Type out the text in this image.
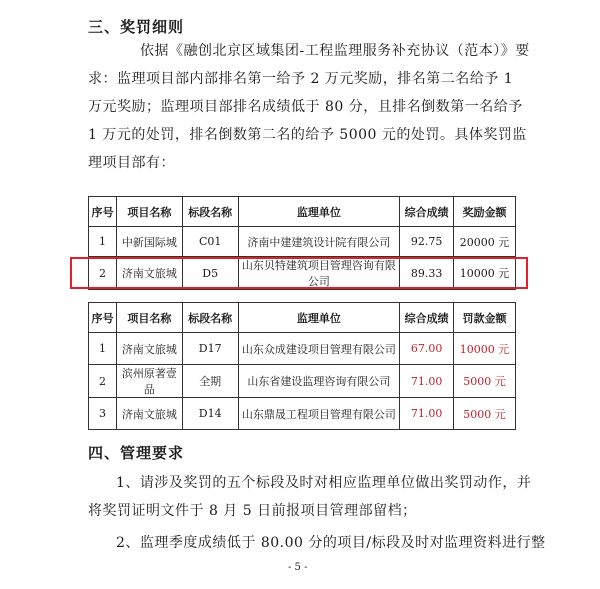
三、奖罚细则
依据《融创北京区域集团-工程监理服务补充协议（范本）》要
求：监理项目部内部排名第一给予 2 万元奖励，排名第二名给予 1
万元奖励；监理项目部排名成绩低于 80 分，且排名倒数第一名给予
1 万元的处罚，排名倒数第二名的给予 5000 元的处罚。具体奖罚监
理项目部有：
序号	项目名称	标段名称	监理单位	综合成绩	奖励金额
1	中新国际城	C01	济南中建建筑设计院有限公司	92.75	20000 元
2	济南文旅城	D5	山东贝特建筑项目管理咨询有限公司	89.33	10000 元
序号	项目名称	标段名称	监理单位	综合成绩	罚款金额
1	济南文旅城	D17	山东众成建设项目管理有限公司	67.00	10000 元
2	滨州原著壹品	全期	山东省建设监理咨询有限公司	71.00	5000 元
3	济南文旅城	D14	山东鼎晟工程项目管理有限公司	71.00	5000 元
四、管理要求
1、请涉及奖罚的五个标段及时对相应监理单位做出奖罚动作，并
将奖罚证明文件于 8 月 5 日前报项目管理部留档；
2、监理季度成绩低于 80.00 分的项目/标段及时对监理资料进行整
- 5 -
